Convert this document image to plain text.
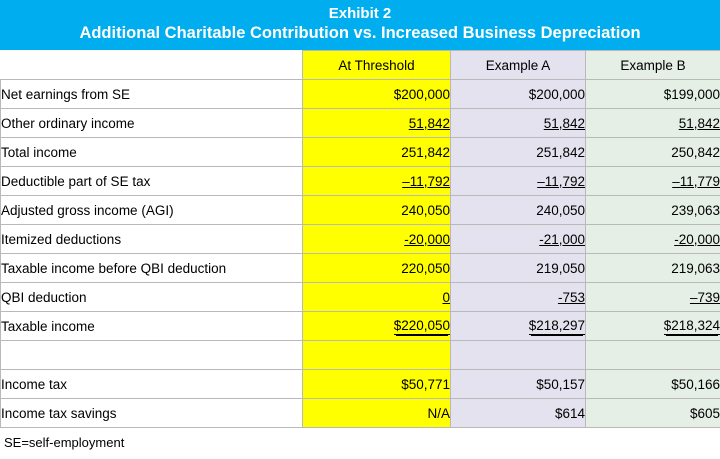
Exhibit 2
Additional Charitable Contribution vs. Increased Business Depreciation
	At Threshold	Example A	Example B
Net earnings from SE	$200,000	$200,000	$199,000
Other ordinary income	51,842	51,842	51,842
Total income	251,842	251,842	250,842
Deductible part of SE tax	–11,792	–11,792	–11,779
Adjusted gross income (AGI)	240,050	240,050	239,063
Itemized deductions	-20,000	-21,000	-20,000
Taxable income before QBI deduction	220,050	219,050	219,063
QBI deduction	0	-753	–739
Taxable income	$220,050	$218,297	$218,324

Income tax	$50,771	$50,157	$50,166
Income tax savings	N/A	$614	$605
SE=self-employment
